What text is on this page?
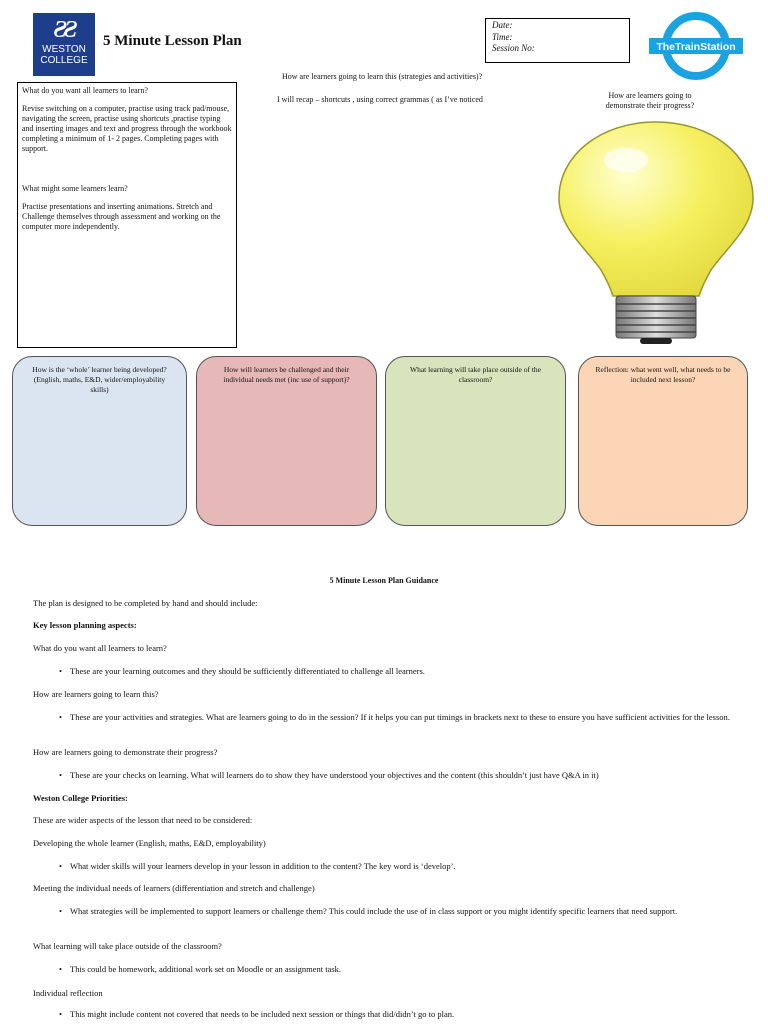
ƧƧ
WESTON
COLLEGE
5 Minute Lesson Plan
Date:
Time:
Session No:	TheTrainStation

What do you want all learners to learn?

Revise switching on a computer, practise using track pad/mouse, navigating the screen, practise using shortcuts ,practise typing and inserting images and text and progress through the workbook completing a minimum of 1- 2 pages. Completing pages with support.

What might some learners learn?

Practise presentations and inserting animations. Stretch and Challenge themselves through assessment and working on the computer more independently.

How are learners going to learn this (strategies and activities)?
I will recap – shortcuts , using correct grammas ( as I’ve noticed	How are learners going to demonstrate their progress?
How is the ‘whole’ learner being developed? (English, maths, E&D, wider/employability skills)
How will learners be challenged and their individual needs met (inc use of support)?
What learning will take place outside of the classroom?
Reflection: what went well, what needs to be included next lesson?
5 Minute Lesson Plan Guidance
The plan is designed to be completed by hand and should include:
Key lesson planning aspects:
What do you want all learners to learn?
• These are your learning outcomes and they should be sufficiently differentiated to challenge all learners.
How are learners going to learn this?
• These are your activities and strategies. What are learners going to do in the session? If it helps you can put timings in brackets next to these to ensure you have sufficient activities for the lesson.
How are learners going to demonstrate their progress?
• These are your checks on learning. What will learners do to show they have understood your objectives and the content (this shouldn’t just have Q&A in it)
Weston College Priorities:
These are wider aspects of the lesson that need to be considered:
Developing the whole learner (English, maths, E&D, employability)
• What wider skills will your learners develop in your lesson in addition to the content? The key word is ‘develop’.
Meeting the individual needs of learners (differentiation and stretch and challenge)
• What strategies will be implemented to support learners or challenge them? This could include the use of in class support or you might identify specific learners that need support.
What learning will take place outside of the classroom?
• This could be homework, additional work set on Moodle or an assignment task.
Individual reflection
• This might include content not covered that needs to be included next session or things that did/didn’t go to plan.
